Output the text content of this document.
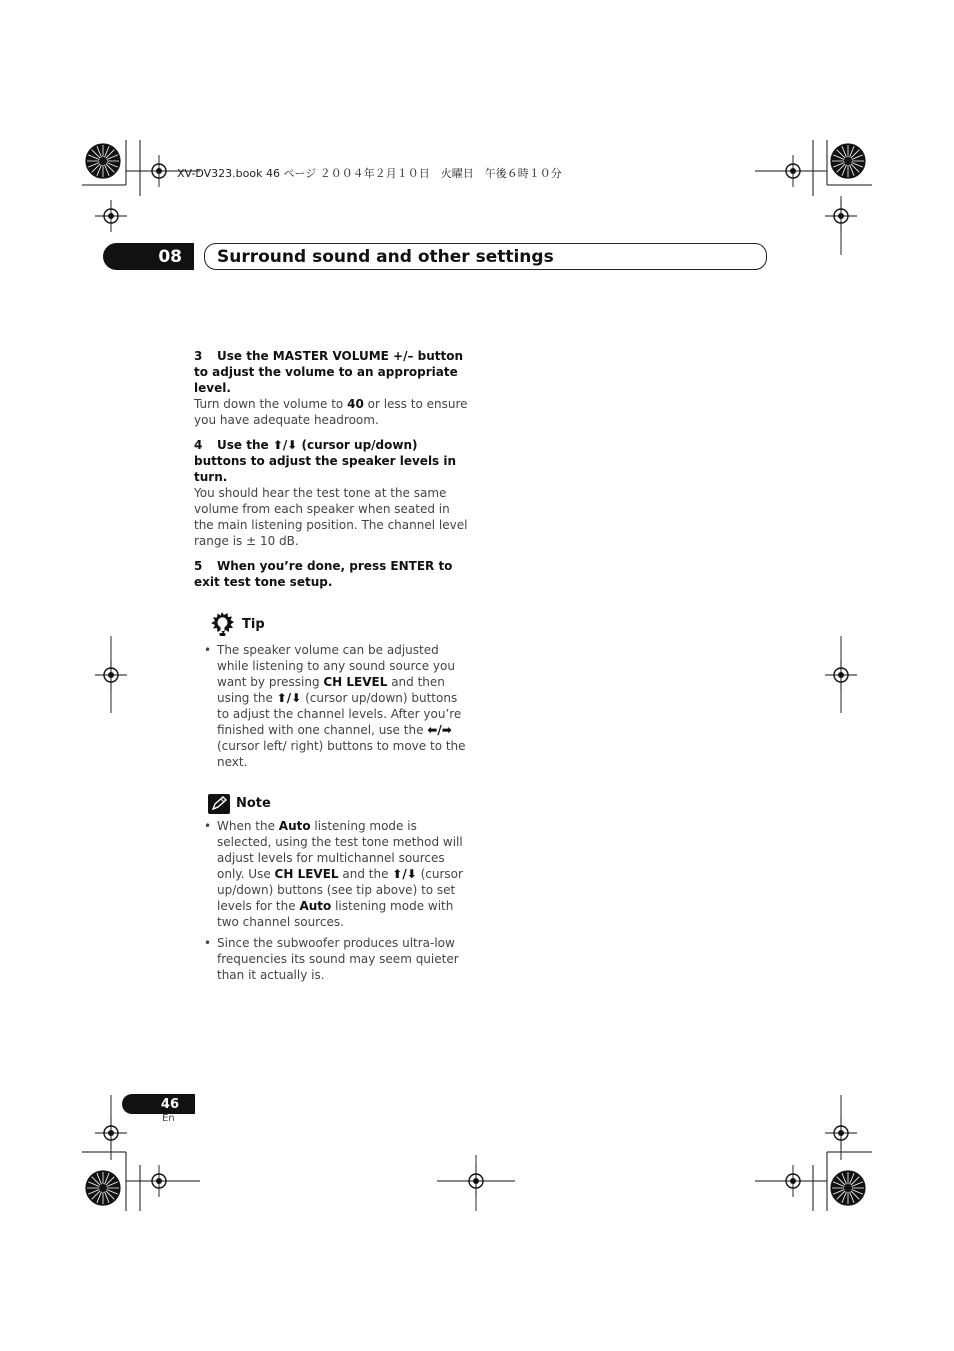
XV-DV323.book 46 ページ ２００４年２月１０日　火曜日　午後６時１０分
08 Surround sound and other settings
3 Use the MASTER VOLUME +/– button to adjust the volume to an appropriate level.
Turn down the volume to 40 or less to ensure you have adequate headroom.
4 Use the ⬆/⬇ (cursor up/down) buttons to adjust the speaker levels in turn.
You should hear the test tone at the same volume from each speaker when seated in the main listening position. The channel level range is ± 10 dB.
5 When you’re done, press ENTER to exit test tone setup.
Tip
• The speaker volume can be adjusted while listening to any sound source you want by pressing CH LEVEL and then using the ⬆/⬇ (cursor up/down) buttons to adjust the channel levels. After you’re finished with one channel, use the ⬅/➡ (cursor left/ right) buttons to move to the next.
Note
• When the Auto listening mode is selected, using the test tone method will adjust levels for multichannel sources only. Use CH LEVEL and the ⬆/⬇ (cursor up/down) buttons (see tip above) to set levels for the Auto listening mode with two channel sources.
• Since the subwoofer produces ultra-low frequencies its sound may seem quieter than it actually is.
46
En
